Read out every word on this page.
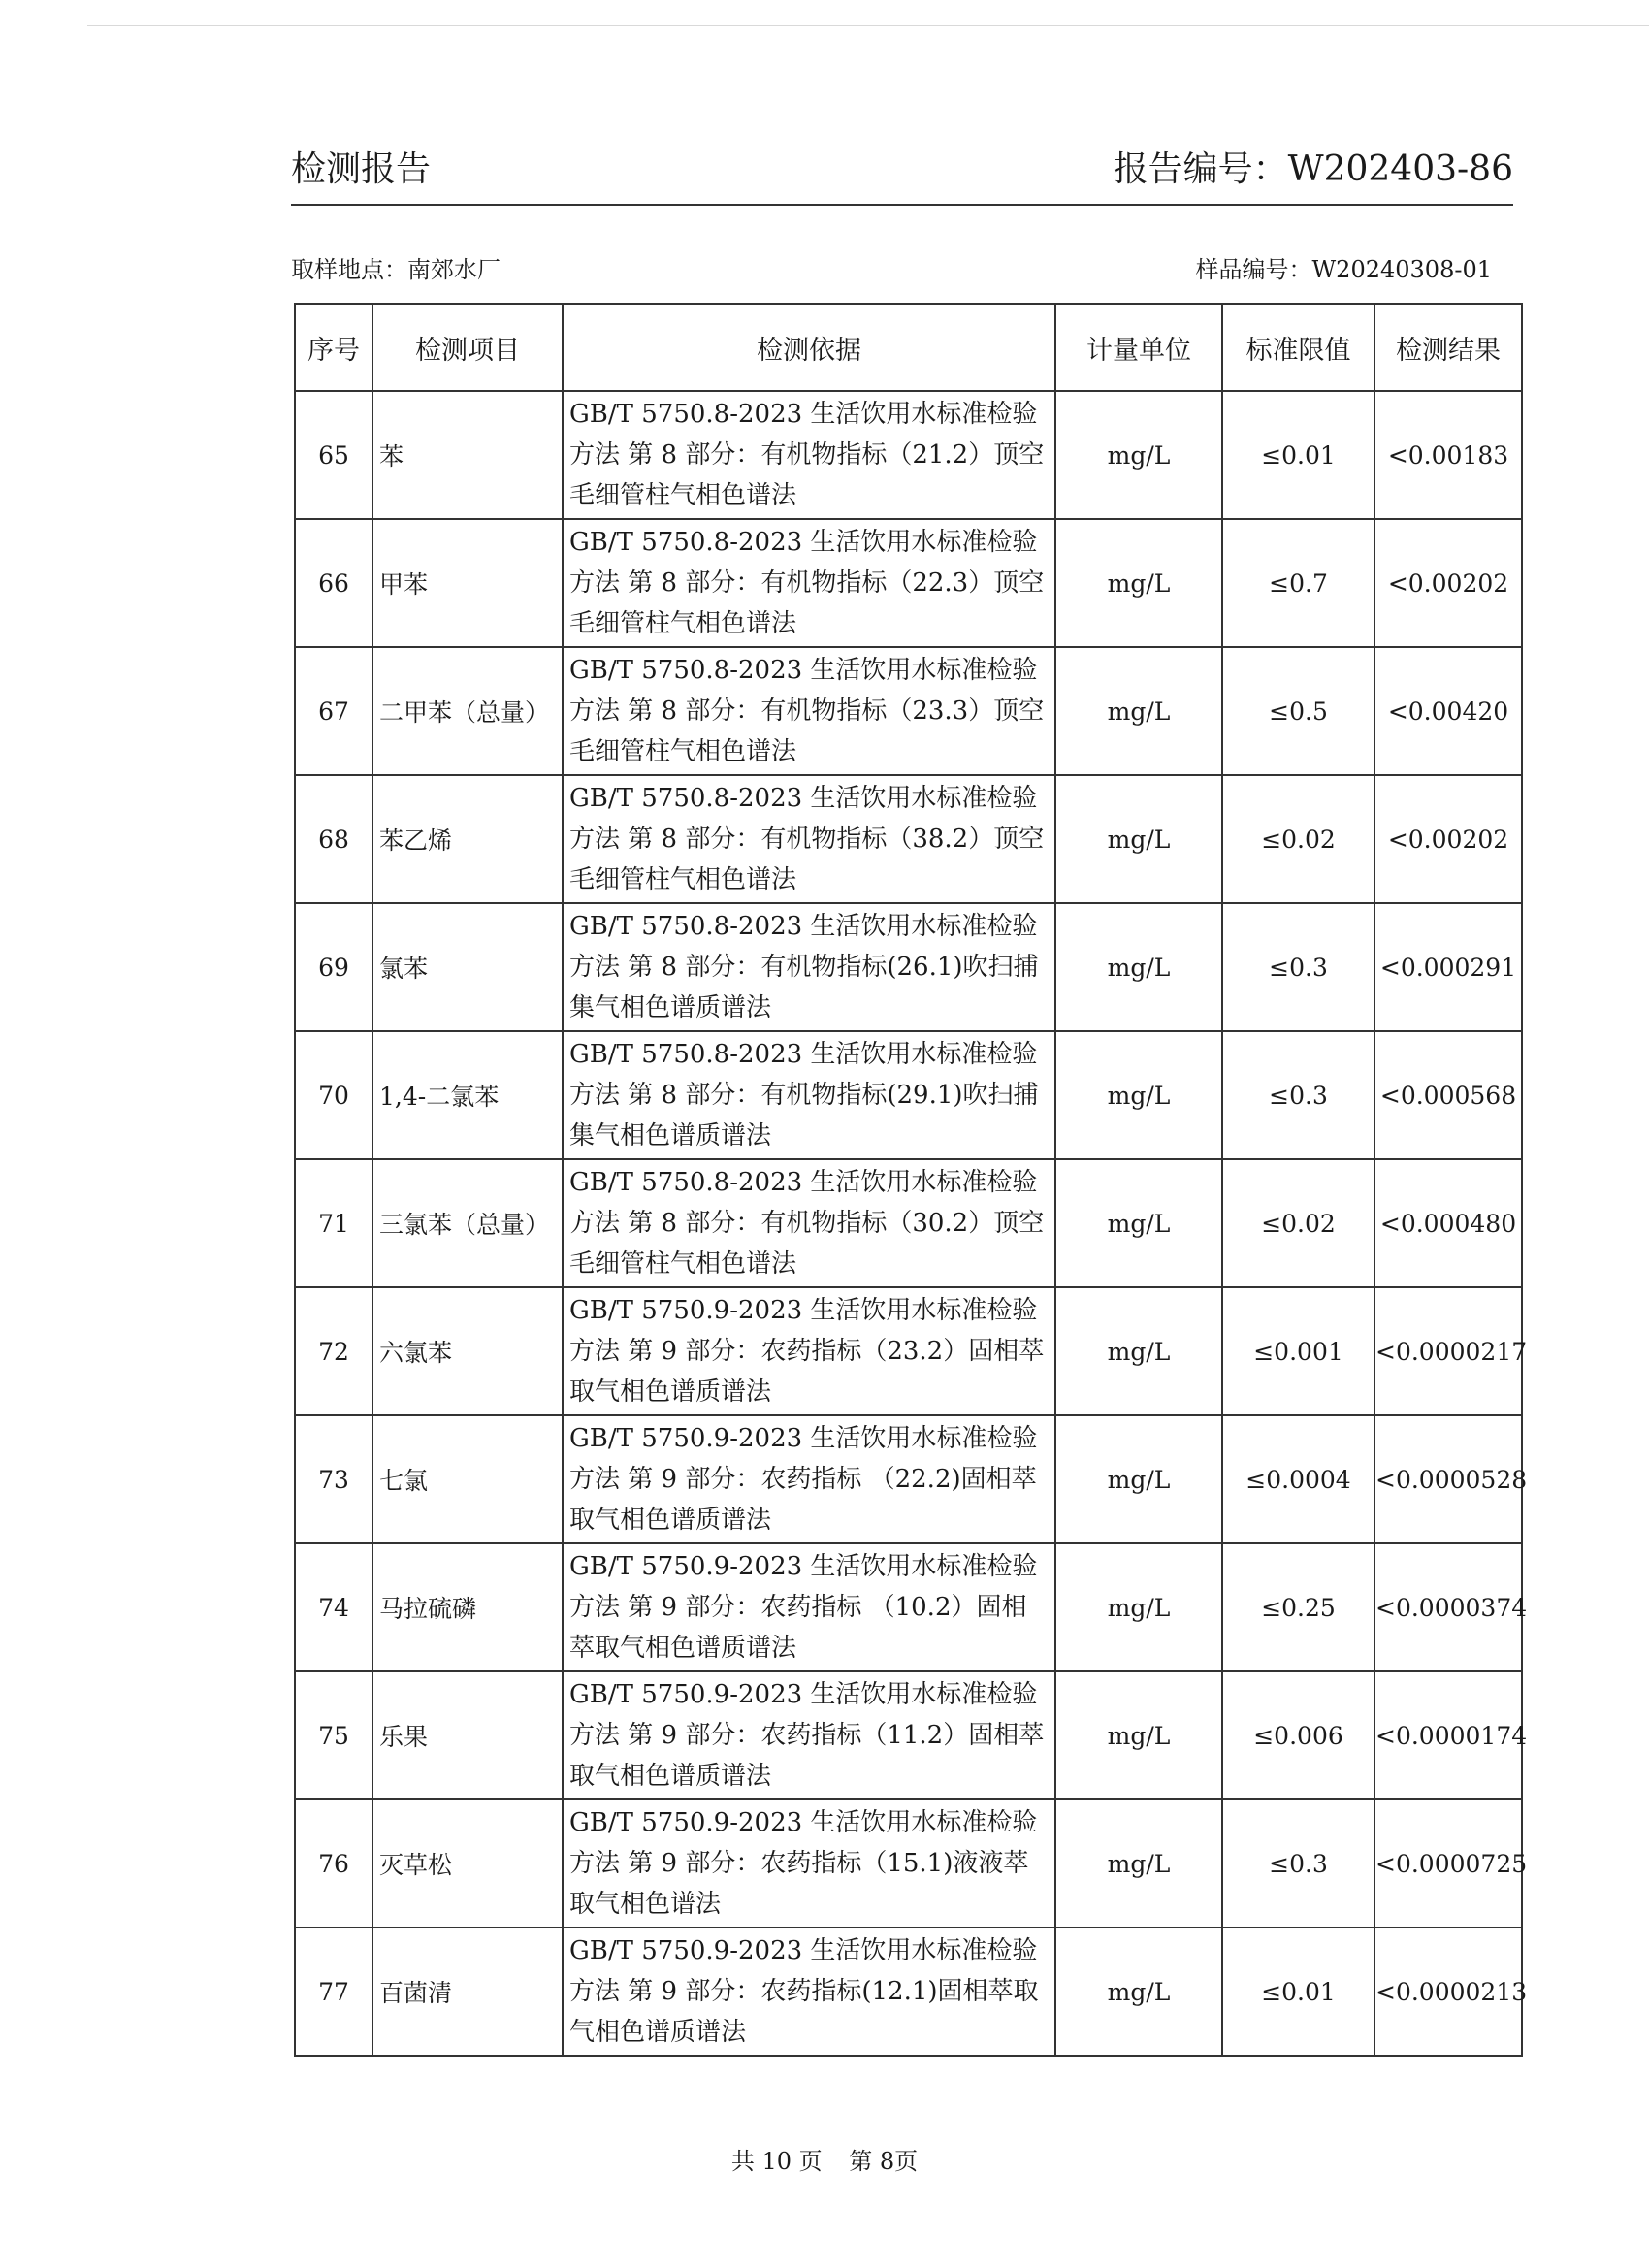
检测报告	报告编号：W202403-86
取样地点：南郊水厂	样品编号：W20240308-01
序号	检测项目	检测依据	计量单位	标准限值	检测结果
65	苯	GB/T 5750.8-2023 生活饮用水标准检验方法 第 8 部分：有机物指标（21.2）顶空毛细管柱气相色谱法	mg/L	≤0.01	<0.00183
66	甲苯	GB/T 5750.8-2023 生活饮用水标准检验方法 第 8 部分：有机物指标（22.3）顶空毛细管柱气相色谱法	mg/L	≤0.7	<0.00202
67	二甲苯（总量）	GB/T 5750.8-2023 生活饮用水标准检验方法 第 8 部分：有机物指标（23.3）顶空毛细管柱气相色谱法	mg/L	≤0.5	<0.00420
68	苯乙烯	GB/T 5750.8-2023 生活饮用水标准检验方法 第 8 部分：有机物指标（38.2）顶空毛细管柱气相色谱法	mg/L	≤0.02	<0.00202
69	氯苯	GB/T 5750.8-2023 生活饮用水标准检验方法 第 8 部分：有机物指标(26.1)吹扫捕集气相色谱质谱法	mg/L	≤0.3	<0.000291
70	1,4-二氯苯	GB/T 5750.8-2023 生活饮用水标准检验方法 第 8 部分：有机物指标(29.1)吹扫捕集气相色谱质谱法	mg/L	≤0.3	<0.000568
71	三氯苯（总量）	GB/T 5750.8-2023 生活饮用水标准检验方法 第 8 部分：有机物指标（30.2）顶空毛细管柱气相色谱法	mg/L	≤0.02	<0.000480
72	六氯苯	GB/T 5750.9-2023 生活饮用水标准检验方法 第 9 部分：农药指标（23.2）固相萃取气相色谱质谱法	mg/L	≤0.001	<0.0000217
73	七氯	GB/T 5750.9-2023 生活饮用水标准检验方法 第 9 部分：农药指标 （22.2)固相萃取气相色谱质谱法	mg/L	≤0.0004	<0.0000528
74	马拉硫磷	GB/T 5750.9-2023 生活饮用水标准检验方法 第 9 部分：农药指标 （10.2）固相萃取气相色谱质谱法	mg/L	≤0.25	<0.0000374
75	乐果	GB/T 5750.9-2023 生活饮用水标准检验方法 第 9 部分：农药指标（11.2）固相萃取气相色谱质谱法	mg/L	≤0.006	<0.0000174
76	灭草松	GB/T 5750.9-2023 生活饮用水标准检验方法 第 9 部分：农药指标（15.1)液液萃取气相色谱法	mg/L	≤0.3	<0.0000725
77	百菌清	GB/T 5750.9-2023 生活饮用水标准检验方法 第 9 部分：农药指标(12.1)固相萃取气相色谱质谱法	mg/L	≤0.01	<0.0000213
共 10 页 第 8页
